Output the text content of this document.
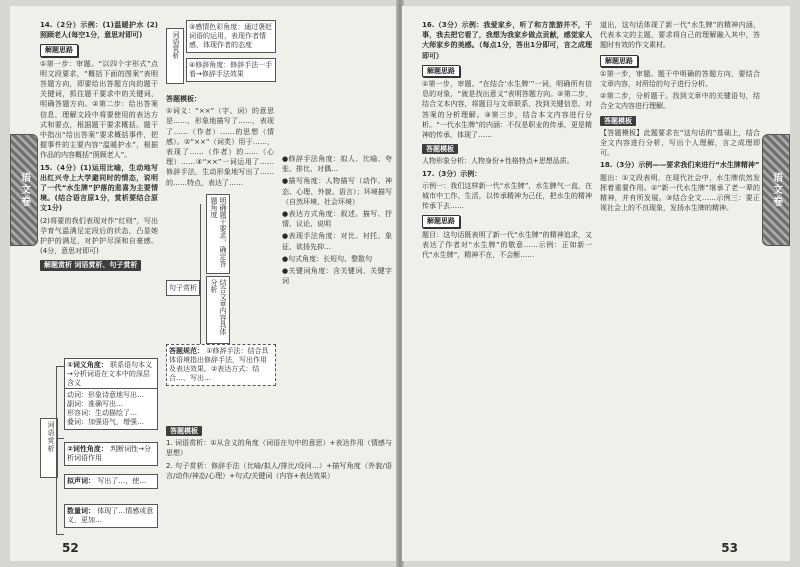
语文卷

14.（2分）示例：(1)温暖护水 (2)照顾老人(每空1分，意思对即可)

解题思路

①第一步：审题。“以四个字形式”点明文段要求，“概括下面的图案”表明答题方向，即要给出答题方向的题干关键词，抓住题干要求中的关键词，明确答题方向。②第二步：给出答案信息，理解文段中将要使用的表达方式和要点，根据题干要求概括。题干中指出“给出答案”要求概括事件，把握事件的主要内容“温暖护水”，根据作品的内容概括“照顾老人”。

15.（4分）(1)运用比喻，生动地写出红兴寺上大学避同时的情态，说明了一代“水生牌”护落的悲喜为主要情境。(结合语言原1分，赏析要结合原文1分)

(2)将要的我们表现对作“红则”，写出孕育气温满足定段后的状态，凸显她护护的满足，对护护尽深和自豪感。(4分，意思对即可)

解题赏析 词语赏析、句子赏析
词语赏析
①词义角度： 联系语句本义→分析词语在文本中的深层含义
动词：形象诗意地写出…
副词：准确写出…
形容词：生动描绘了…
叠词：加强语气，增强…
②词性角度： 判断词性→分析词语作用
拟声词： 写出了…，使…
数量词： 体现了…情感或意义，更加…
词语赏析
③感情色彩角度：通过褒贬词语的运用，表现作者情感，体现作者的态度
④修辞角度：修辞手法一手看→修辞手法效果

答题模板：

①词义：“××”（字、词）的意思是……，形象地描写了……，表现了……（作者）……的思想（情感）。②“××”（词类）用于……，表现了……（作者）的……（心理）……③“××”一词运用了……修辞手法，生动形象地写出了……的……特点，表达了……

句子赏析
明确题干要求，确定答题角度
结合文章内容具体分析
答题规范： ①修辞手法：结合具体语境指出修辞手法，写出作用及表达效果。②表达方式：结合…，写出…

●修辞手法角度：拟人、比喻、夸张、排比、对偶…

●描写角度：人物描写（动作、神态、心理、外貌、语言）；环境描写（自然环境、社会环境）

●表达方式角度：叙述、描写、抒情、议论、说明

●表现手法角度：对比、衬托、象征、欲扬先抑…

●句式角度：长短句、整散句

●关键词角度：含关键词、关键字词

答题模板

1. 词语赏析：①从含义的角度（词语在句中的意思）+表达作用（情感与思想）

2. 句子赏析：修辞手法（比喻/拟人/排比/设问…）+描写角度（外貌/语言/动作/神态/心理）+句式/关键词（内容+表达效果）

52
语文卷

16.（3分）示例：我爱家乡，听了和方旅游并不，干事，我去把它看了，我想为我家乡做点贡献，感觉家人大师家乡的美感。（每点1分，答出1分即可，言之成理即可）

解题思路

①第一步，审题。“在结合‘水生牌’”一词，明确所有信息的对象，“就是找出意义”表明答题方向。②第二步，结合文本内容，将题目与文章联系，找到关键信息，对答案的分析理解。③第三步，结合本文内容进行分析。“一代水生牌”的内涵：不仅是职业的传承，更是精神的传承，体现了……

答题模板

人物形象分析：人物身份+性格特点+思想品质。

17.（3分）示例：

示例一：我们这样新一代“水生牌”，水生脾气一直，在城市中工作、生活，以传承精神为己任，把水生的精神传承下去……

解题思路

题目：这句话既表明了新一代“水生牌”的精神追求，又表达了作者对“水生牌”的敬意……示例：正如新一代“水生牌”，精神不在，不会断……

道出，这句话体现了新一代“水生牌”的精神内涵，代表本文的主题，要求将自己的理解融入其中，答题时有效的作文素材。

解题思路

①第一步，审题。题干中明确的答题方向，要结合文章内容，对所给的句子进行分析。

②第二步，分析题干。找到文章中的关键语句，结合全文内容进行理解。

答题模板

【答题模板】此题要求在“这句话的”基础上，结合全文内容进行分析，写出个人理解，言之成理即可。

18.（3分）示例——要求我们来进行“水生牌精神”

题出：①文段表明，在现代社会中，水生牌依然发挥着重要作用。②“新一代水生牌”继承了老一辈的精神，并有所发展。③结合全文……示例三：要正视社会上的不良现象，发扬水生牌的精神。

53
